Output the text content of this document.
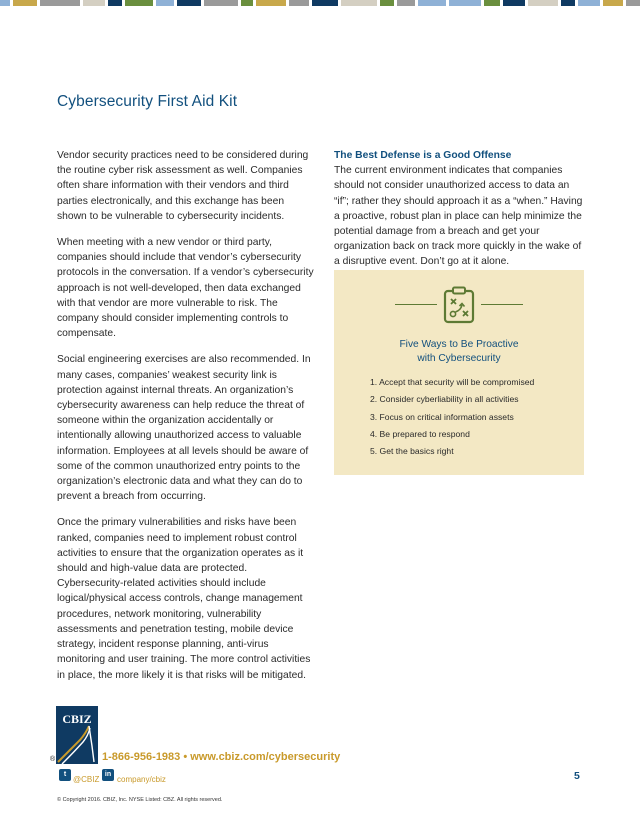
Cybersecurity First Aid Kit

Vendor security practices need to be considered during the routine cyber risk assessment as well. Companies often share information with their vendors and third parties electronically, and this exchange has been shown to be vulnerable to cybersecurity incidents.

When meeting with a new vendor or third party, companies should include that vendor’s cybersecurity protocols in the conversation. If a vendor’s cybersecurity approach is not well-developed, then data exchanged with that vendor are more vulnerable to risk. The company should consider implementing controls to compensate.

Social engineering exercises are also recommended. In many cases, companies’ weakest security link is protection against internal threats. An organization’s cybersecurity awareness can help reduce the threat of someone within the organization accidentally or intentionally allowing unauthorized access to valuable information. Employees at all levels should be aware of some of the common unauthorized entry points to the organization’s electronic data and what they can do to prevent a breach from occurring.

Once the primary vulnerabilities and risks have been ranked, companies need to implement robust control activities to ensure that the organization operates as it should and high-value data are protected. Cybersecurity-related activities should include logical/physical access controls, change management procedures, network monitoring, vulnerability assessments and penetration testing, mobile device strategy, incident response planning, anti-virus monitoring and user training. The more control activities in place, the more likely it is that risks will be mitigated.

The Best Defense is a Good Offense

The current environment indicates that companies should not consider unauthorized access to data an “if”; rather they should approach it as a “when.” Having a proactive, robust plan in place can help minimize the potential damage from a breach and get your organization back on track more quickly in the wake of a disruptive event. Don’t go at it alone.

Five Ways to Be Proactive
with Cybersecurity
1. Accept that security will be compromised
2. Consider cyberliability in all activities
3. Focus on critical information assets
4. Be prepared to respond
5. Get the basics right
CBIZ
®	1-866-956-1983 • www.cbiz.com/cybersecurity
t
@CBIZ
in
company/cbiz	5
© Copyright 2016. CBIZ, Inc. NYSE Listed: CBZ. All rights reserved.
